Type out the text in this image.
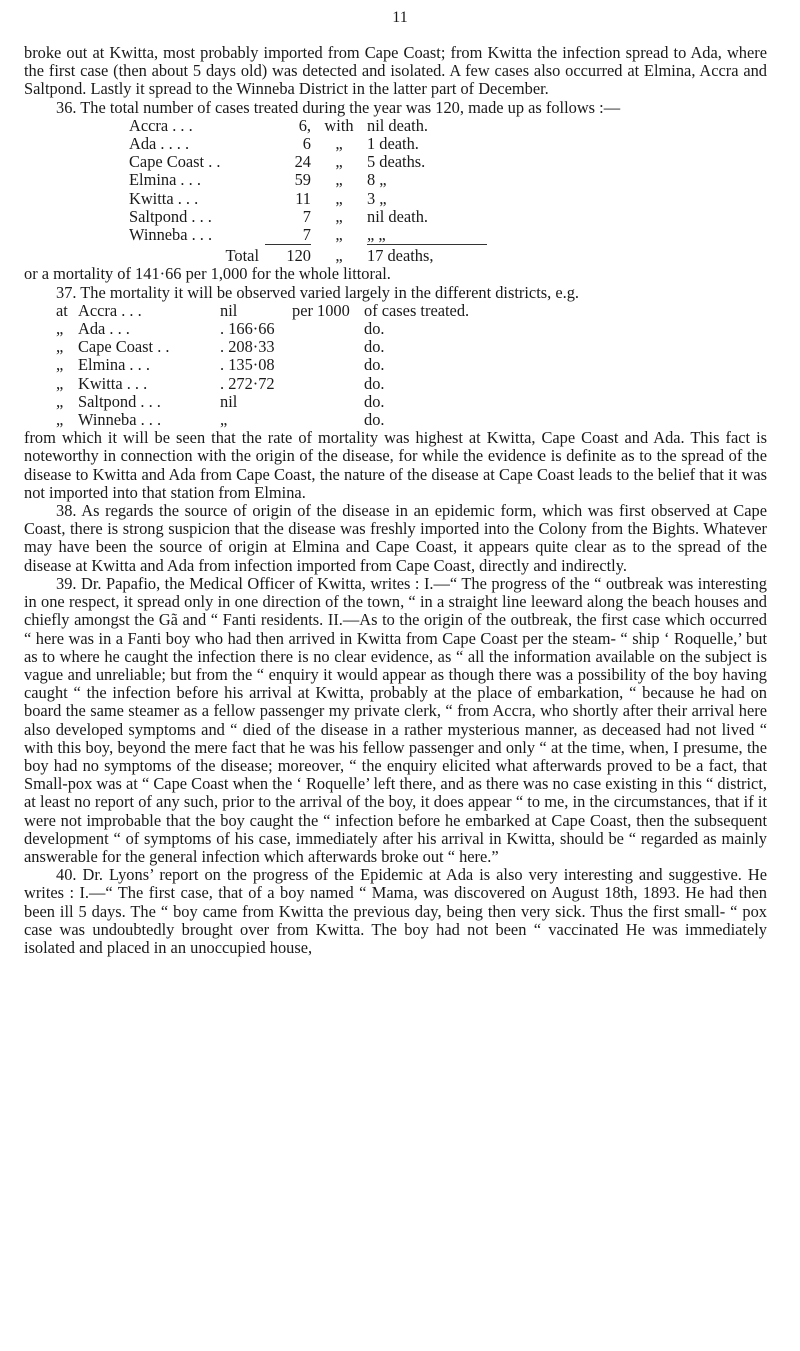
11

broke out at Kwitta, most probably imported from Cape Coast; from Kwitta the infection spread to Ada, where the first case (then about 5 days old) was detected and isolated. A few cases also occurred at Elmina, Accra and Saltpond. Lastly it spread to the Winneba District in the latter part of December.

36. The total number of cases treated during the year was 120, made up as follows :—

Accra . . .	6,	with	nil death.
Ada . . . .	6	„	1 death.
Cape Coast . .	24	„	5 deaths.
Elmina . . .	59	„	8 „
Kwitta . . .	11	„	3 „
Saltpond . . .	7	„	nil death.
Winneba . . .	7	„	„ „

Total	120	„	17 deaths,

or a mortality of 141·66 per 1,000 for the whole littoral.

37. The mortality it will be observed varied largely in the different districts, e.g.

at	Accra . . .	nil	per 1000	of cases treated.
„	Ada . . .	. 166·66		do.
„	Cape Coast . .	. 208·33		do.
„	Elmina . . .	. 135·08		do.
„	Kwitta . . .	. 272·72		do.
„	Saltpond . . .	nil		do.
„	Winneba . . .	„		do.

from which it will be seen that the rate of mortality was highest at Kwitta, Cape Coast and Ada. This fact is noteworthy in connection with the origin of the disease, for while the evidence is definite as to the spread of the disease to Kwitta and Ada from Cape Coast, the nature of the disease at Cape Coast leads to the belief that it was not imported into that station from Elmina.

38. As regards the source of origin of the disease in an epidemic form, which was first observed at Cape Coast, there is strong suspicion that the disease was freshly imported into the Colony from the Bights. Whatever may have been the source of origin at Elmina and Cape Coast, it appears quite clear as to the spread of the disease at Kwitta and Ada from infection imported from Cape Coast, directly and indirectly.

39. Dr. Papafio, the Medical Officer of Kwitta, writes : I.—“ The progress of the “ outbreak was interesting in one respect, it spread only in one direction of the town, “ in a straight line leeward along the beach houses and chiefly amongst the Gã and “ Fanti residents. II.—As to the origin of the outbreak, the first case which occurred “ here was in a Fanti boy who had then arrived in Kwitta from Cape Coast per the steam- “ ship ‘ Roquelle,’ but as to where he caught the infection there is no clear evidence, as “ all the information available on the subject is vague and unreliable; but from the “ enquiry it would appear as though there was a possibility of the boy having caught “ the infection before his arrival at Kwitta, probably at the place of embarkation, “ because he had on board the same steamer as a fellow passenger my private clerk, “ from Accra, who shortly after their arrival here also developed symptoms and “ died of the disease in a rather mysterious manner, as deceased had not lived “ with this boy, beyond the mere fact that he was his fellow passenger and only “ at the time, when, I presume, the boy had no symptoms of the disease; moreover, “ the enquiry elicited what afterwards proved to be a fact, that Small-pox was at “ Cape Coast when the ‘ Roquelle’ left there, and as there was no case existing in this “ district, at least no report of any such, prior to the arrival of the boy, it does appear “ to me, in the circumstances, that if it were not improbable that the boy caught the “ infection before he embarked at Cape Coast, then the subsequent development “ of symptoms of his case, immediately after his arrival in Kwitta, should be “ regarded as mainly answerable for the general infection which afterwards broke out “ here.”

40. Dr. Lyons’ report on the progress of the Epidemic at Ada is also very interesting and suggestive. He writes : I.—“ The first case, that of a boy named “ Mama, was discovered on August 18th, 1893. He had then been ill 5 days. The “ boy came from Kwitta the previous day, being then very sick. Thus the first small- “ pox case was undoubtedly brought over from Kwitta. The boy had not been “ vaccinated He was immediately isolated and placed in an unoccupied house,
